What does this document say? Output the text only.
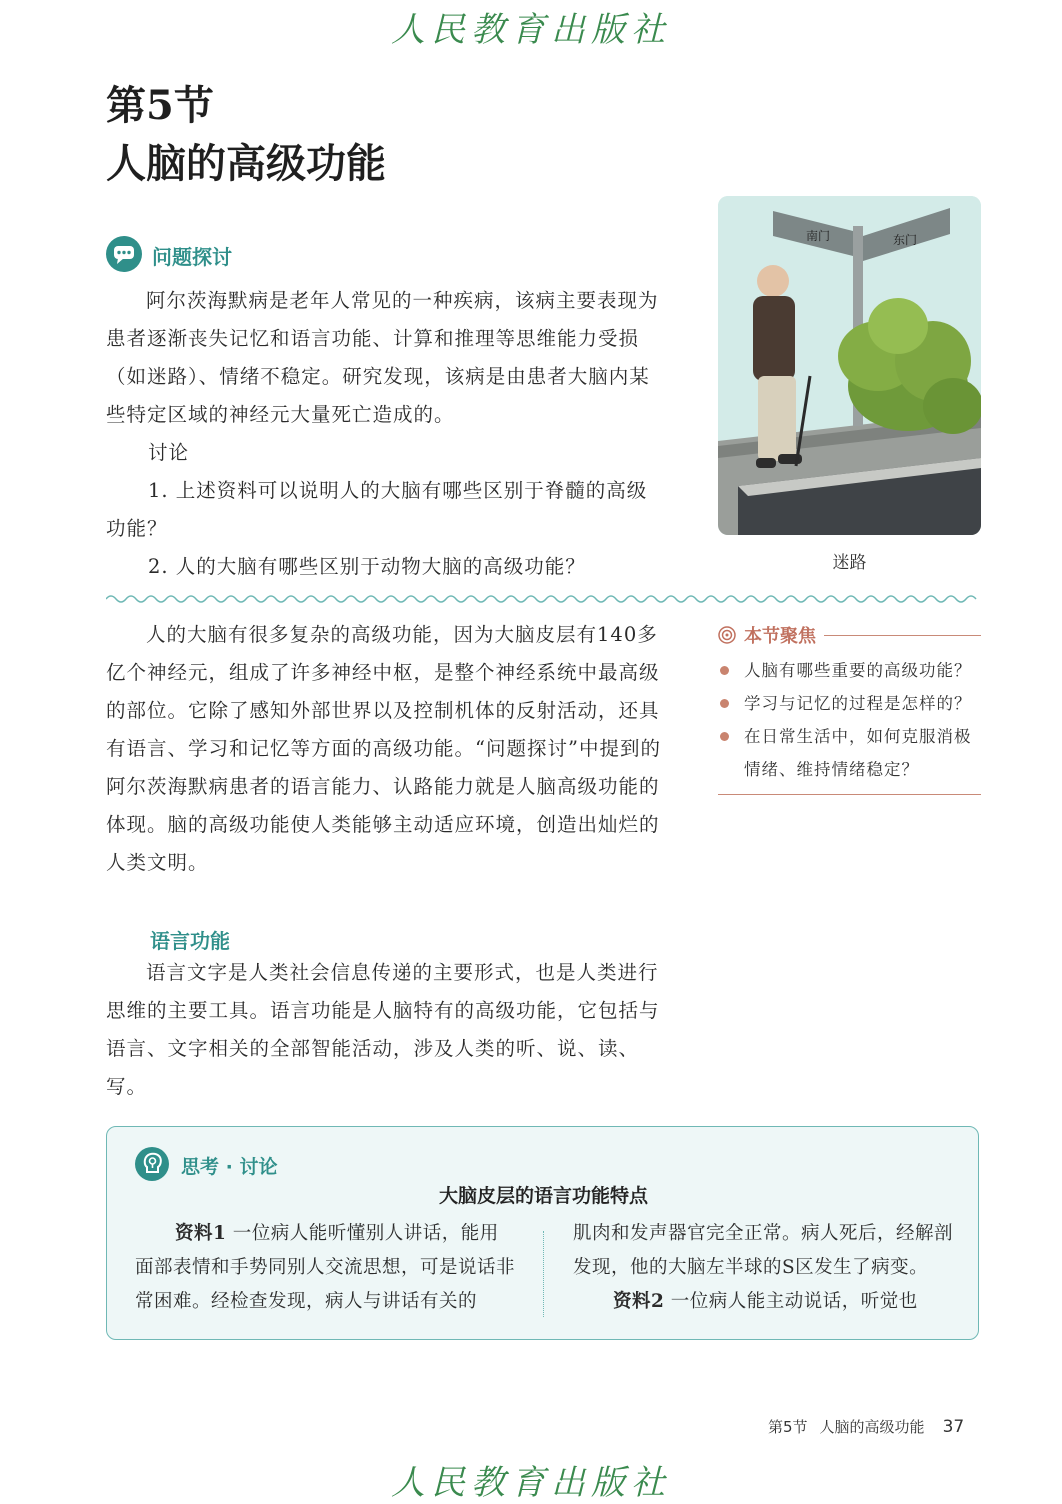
人民教育出版社
第5节
人脑的高级功能
问题探讨

阿尔茨海默病是老年人常见的一种疾病，该病主要表现为患者逐渐丧失记忆和语言功能、计算和推理等思维能力受损（如迷路）、情绪不稳定。研究发现，该病是由患者大脑内某些特定区域的神经元大量死亡造成的。

讨论

1. 上述资料可以说明人的大脑有哪些区别于脊髓的高级功能？

2. 人的大脑有哪些区别于动物大脑的高级功能？

南门	东门
迷路

人的大脑有很多复杂的高级功能，因为大脑皮层有140多亿个神经元，组成了许多神经中枢，是整个神经系统中最高级的部位。它除了感知外部世界以及控制机体的反射活动，还具有语言、学习和记忆等方面的高级功能。“问题探讨”中提到的阿尔茨海默病患者的语言能力、认路能力就是人脑高级功能的体现。脑的高级功能使人类能够主动适应环境，创造出灿烂的人类文明。

本节聚焦
人脑有哪些重要的高级功能？
学习与记忆的过程是怎样的？
在日常生活中，如何克服消极情绪、维持情绪稳定？
语言功能

语言文字是人类社会信息传递的主要形式，也是人类进行思维的主要工具。语言功能是人脑特有的高级功能，它包括与语言、文字相关的全部智能活动，涉及人类的听、说、读、写。

思考 · 讨论
大脑皮层的语言功能特点

资料1 一位病人能听懂别人讲话，能用面部表情和手势同别人交流思想，可是说话非常困难。经检查发现，病人与讲话有关的

肌肉和发声器官完全正常。病人死后，经解剖发现，他的大脑左半球的S区发生了病变。

资料2 一位病人能主动说话，听觉也

第5节 人脑的高级功能 37
人民教育出版社
